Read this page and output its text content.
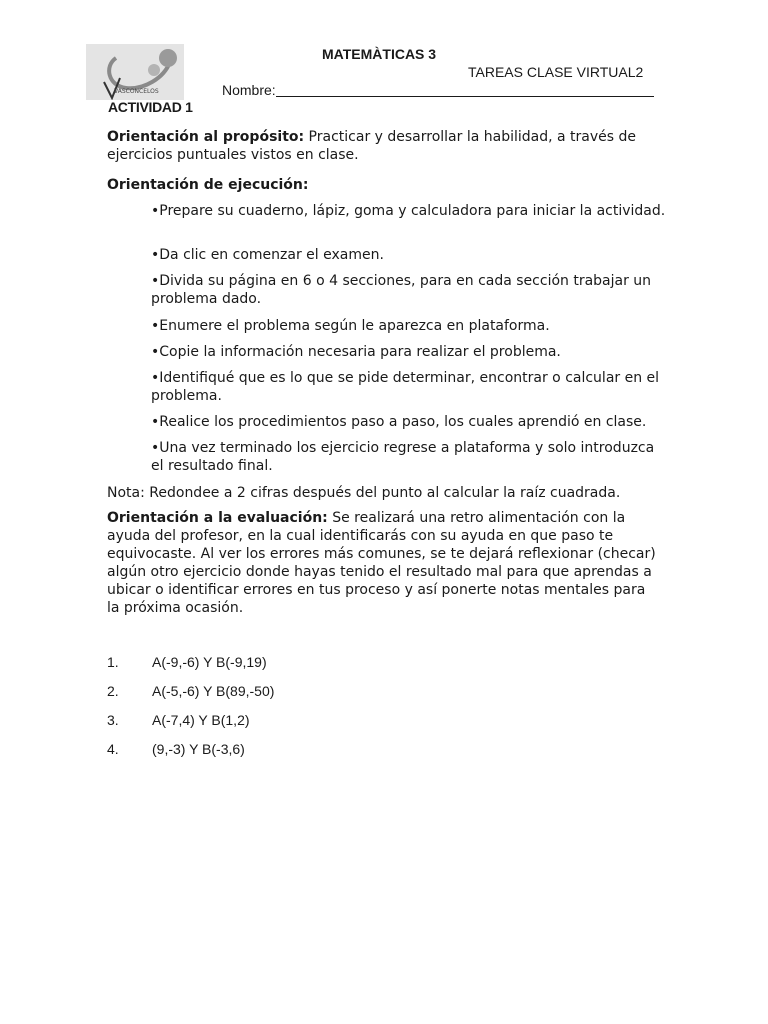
VASCONCELOS
MATEMÀTICAS 3
TAREAS CLASE VIRTUAL2
Nombre:
ACTIVIDAD 1
Orientación al propósito: Practicar y desarrollar la habilidad, a través de ejercicios puntuales vistos en clase.
Orientación de ejecución:
•Prepare su cuaderno, lápiz, goma y calculadora para iniciar la actividad.
•Da clic en comenzar el examen.
•Divida su página en 6 o 4 secciones, para en cada sección trabajar un problema dado.
•Enumere el problema según le aparezca en plataforma.
•Copie la información necesaria para realizar el problema.
•Identifiqué que es lo que se pide determinar, encontrar o calcular en el problema.
•Realice los procedimientos paso a paso, los cuales aprendió en clase.
•Una vez terminado los ejercicio regrese a plataforma y solo introduzca el resultado final.
Nota: Redondee a 2 cifras después del punto al calcular la raíz cuadrada.
Orientación a la evaluación: Se realizará una retro alimentación con la ayuda del profesor, en la cual identificarás con su ayuda en que paso te equivocaste. Al ver los errores más comunes, se te dejará reflexionar (checar) algún otro ejercicio donde hayas tenido el resultado mal para que aprendas a ubicar o identificar errores en tus proceso y así ponerte notas mentales para la próxima ocasión.
1. A(-9,-6) Y B(-9,19)
2. A(-5,-6) Y B(89,-50)
3. A(-7,4) Y B(1,2)
4. (9,-3) Y B(-3,6)
